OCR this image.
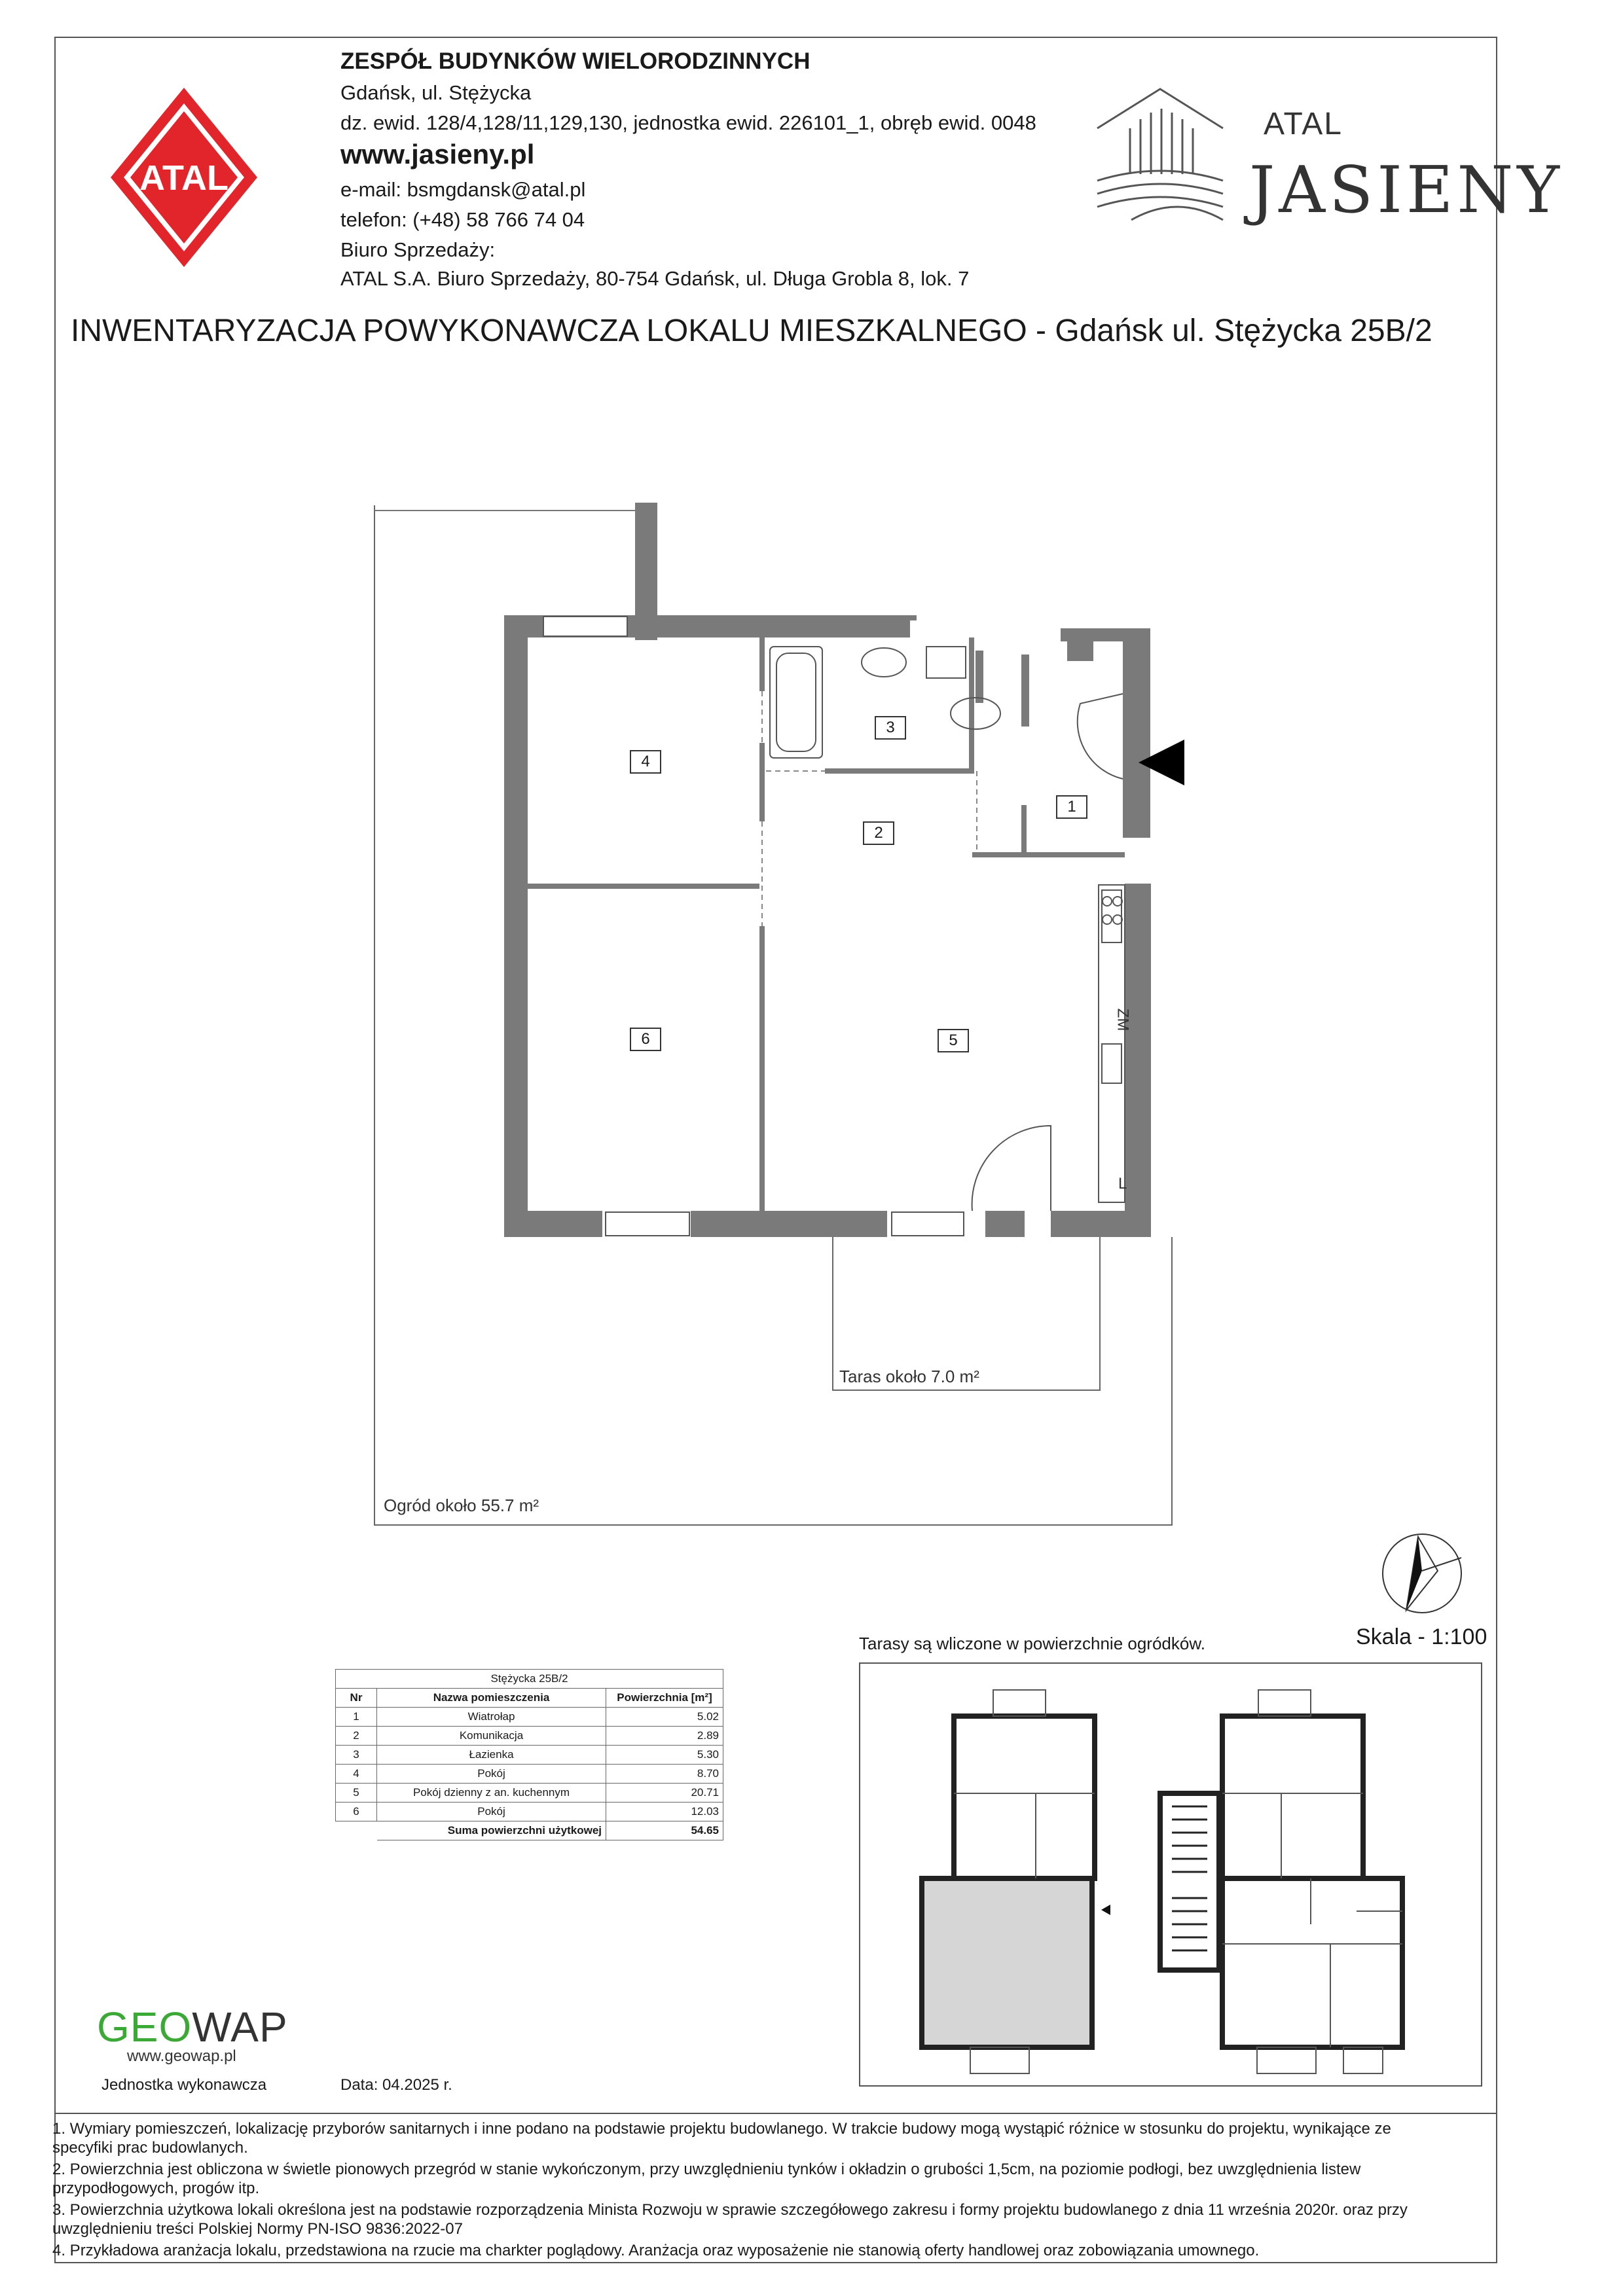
ATAL
ZESPÓŁ BUDYNKÓW WIELORODZINNYCH
Gdańsk, ul. Stężycka
dz. ewid. 128/4,128/11,129,130, jednostka ewid. 226101_1, obręb ewid. 0048
www.jasieny.pl
e-mail: bsmgdansk@atal.pl
telefon: (+48) 58 766 74 04
Biuro Sprzedaży:
ATAL S.A. Biuro Sprzedaży, 80-754 Gdańsk, ul. Długa Grobla 8, lok. 7
ATAL
JASIENY
INWENTARYZACJA POWYKONAWCZA LOKALU MIESZKALNEGO - Gdańsk ul. Stężycka 25B/2
1
2
3
4
5
6
ZM
L
Taras około 7.0 m²
Ogród około 55.7 m²
Skala - 1:100
Stężycka 25B/2		
Nr	Nazwa pomieszczenia	Powierzchnia [m²]
1	Wiatrołap	5.02
2	Komunikacja	2.89
3	Łazienka	5.30
4	Pokój	8.70
5	Pokój dzienny z an. kuchennym	20.71
6	Pokój	12.03
	Suma powierzchni użytkowej	54.65
Tarasy są wliczone w powierzchnie ogródków.
GEOWAP
www.geowap.pl
Jednostka wykonawcza	Data: 04.2025 r.
1. Wymiary pomieszczeń, lokalizację przyborów sanitarnych i inne podano na podstawie projektu budowlanego. W trakcie budowy mogą wystąpić różnice w stosunku do projektu, wynikające ze specyfiki prac budowlanych.
2. Powierzchnia jest obliczona w świetle pionowych przegród w stanie wykończonym, przy uwzględnieniu tynków i okładzin o grubości 1,5cm, na poziomie podłogi, bez uwzględnienia listew przypodłogowych, progów itp.
3. Powierzchnia użytkowa lokali określona jest na podstawie rozporządzenia Minista Rozwoju w sprawie szczegółowego zakresu i formy projektu budowlanego z dnia 11 września 2020r. oraz przy uwzględnieniu treści Polskiej Normy PN-ISO 9836:2022-07
4. Przykładowa aranżacja lokalu, przedstawiona na rzucie ma charkter poglądowy. Aranżacja oraz wyposażenie nie stanowią oferty handlowej oraz zobowiązania umownego.
